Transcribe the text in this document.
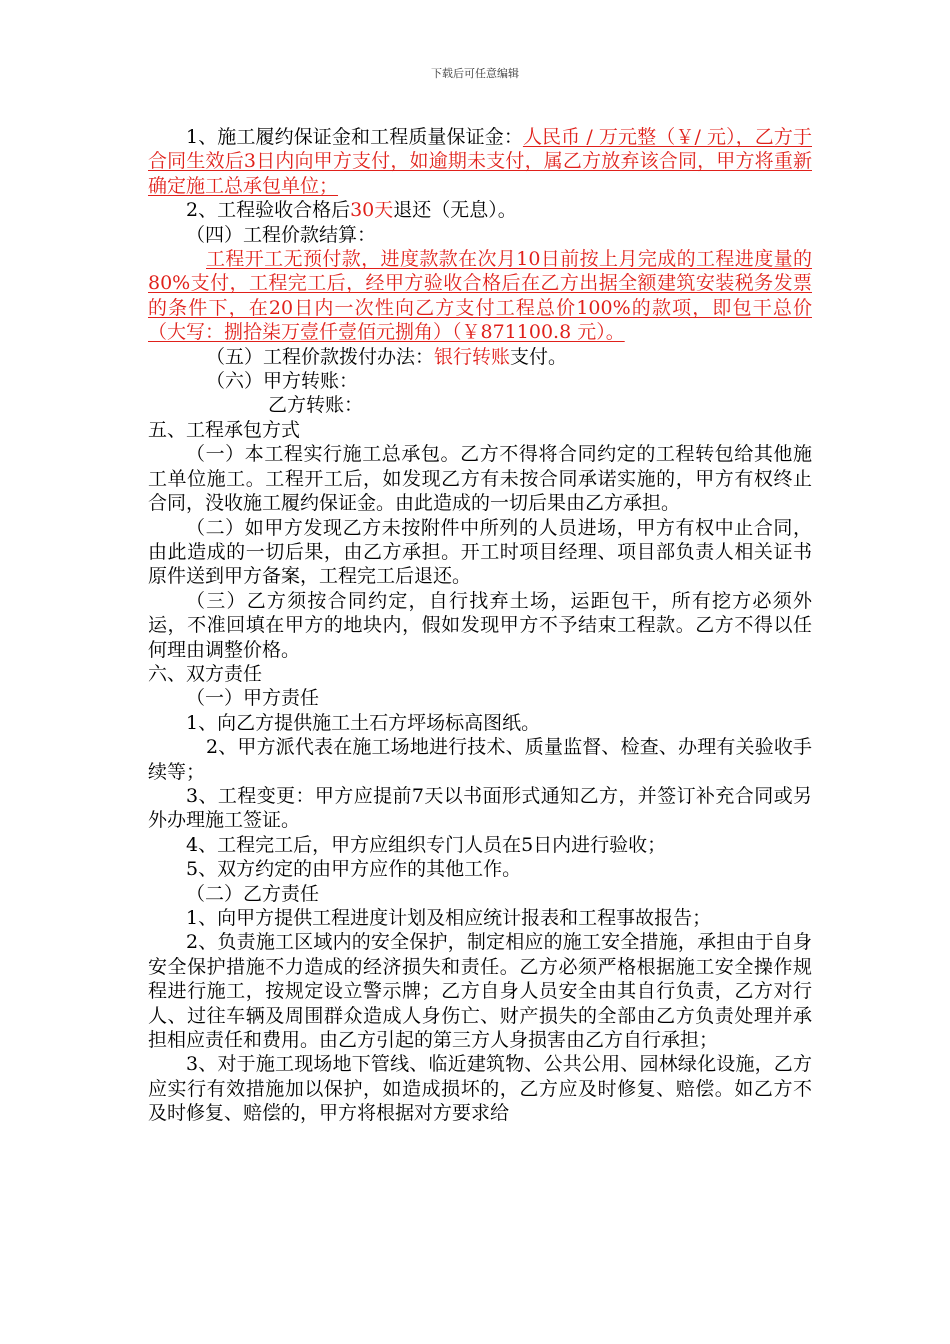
下载后可任意编辑

1、施工履约保证金和工程质量保证金：人民币 / 万元整（￥/ 元），乙方于合同生效后3日内向甲方支付，如逾期未支付，属乙方放弃该合同，甲方将重新确定施工总承包单位；

2、工程验收合格后30天退还（无息）。

（四）工程价款结算：

工程开工无预付款，进度款款在次月10日前按上月完成的工程进度量的80%支付，工程完工后，经甲方验收合格后在乙方出据全额建筑安装税务发票的条件下，在20日内一次性向乙方支付工程总价100%的款项，即包干总价（大写：捌拾柒万壹仟壹佰元捌角）（￥871100.8 元）。

（五）工程价款拨付办法：银行转账支付。

（六）甲方转账：

乙方转账：

五、工程承包方式

（一）本工程实行施工总承包。乙方不得将合同约定的工程转包给其他施工单位施工。工程开工后，如发现乙方有未按合同承诺实施的，甲方有权终止合同，没收施工履约保证金。由此造成的一切后果由乙方承担。

（二）如甲方发现乙方未按附件中所列的人员进场，甲方有权中止合同，由此造成的一切后果，由乙方承担。开工时项目经理、项目部负责人相关证书原件送到甲方备案，工程完工后退还。

（三）乙方须按合同约定，自行找弃土场，运距包干，所有挖方必须外运，不准回填在甲方的地块内，假如发现甲方不予结束工程款。乙方不得以任何理由调整价格。

六、双方责任

（一）甲方责任

1、向乙方提供施工土石方坪场标高图纸。

2、甲方派代表在施工场地进行技术、质量监督、检查、办理有关验收手续等；

3、工程变更：甲方应提前7天以书面形式通知乙方，并签订补充合同或另外办理施工签证。

4、工程完工后，甲方应组织专门人员在5日内进行验收；

5、双方约定的由甲方应作的其他工作。

（二）乙方责任

1、向甲方提供工程进度计划及相应统计报表和工程事故报告；

2、负责施工区域内的安全保护，制定相应的施工安全措施，承担由于自身安全保护措施不力造成的经济损失和责任。乙方必须严格根据施工安全操作规程进行施工，按规定设立警示牌；乙方自身人员安全由其自行负责，乙方对行人、过往车辆及周围群众造成人身伤亡、财产损失的全部由乙方负责处理并承担相应责任和费用。由乙方引起的第三方人身损害由乙方自行承担；

3、对于施工现场地下管线、临近建筑物、公共公用、园林绿化设施，乙方应实行有效措施加以保护，如造成损坏的，乙方应及时修复、赔偿。如乙方不及时修复、赔偿的，甲方将根据对方要求给
